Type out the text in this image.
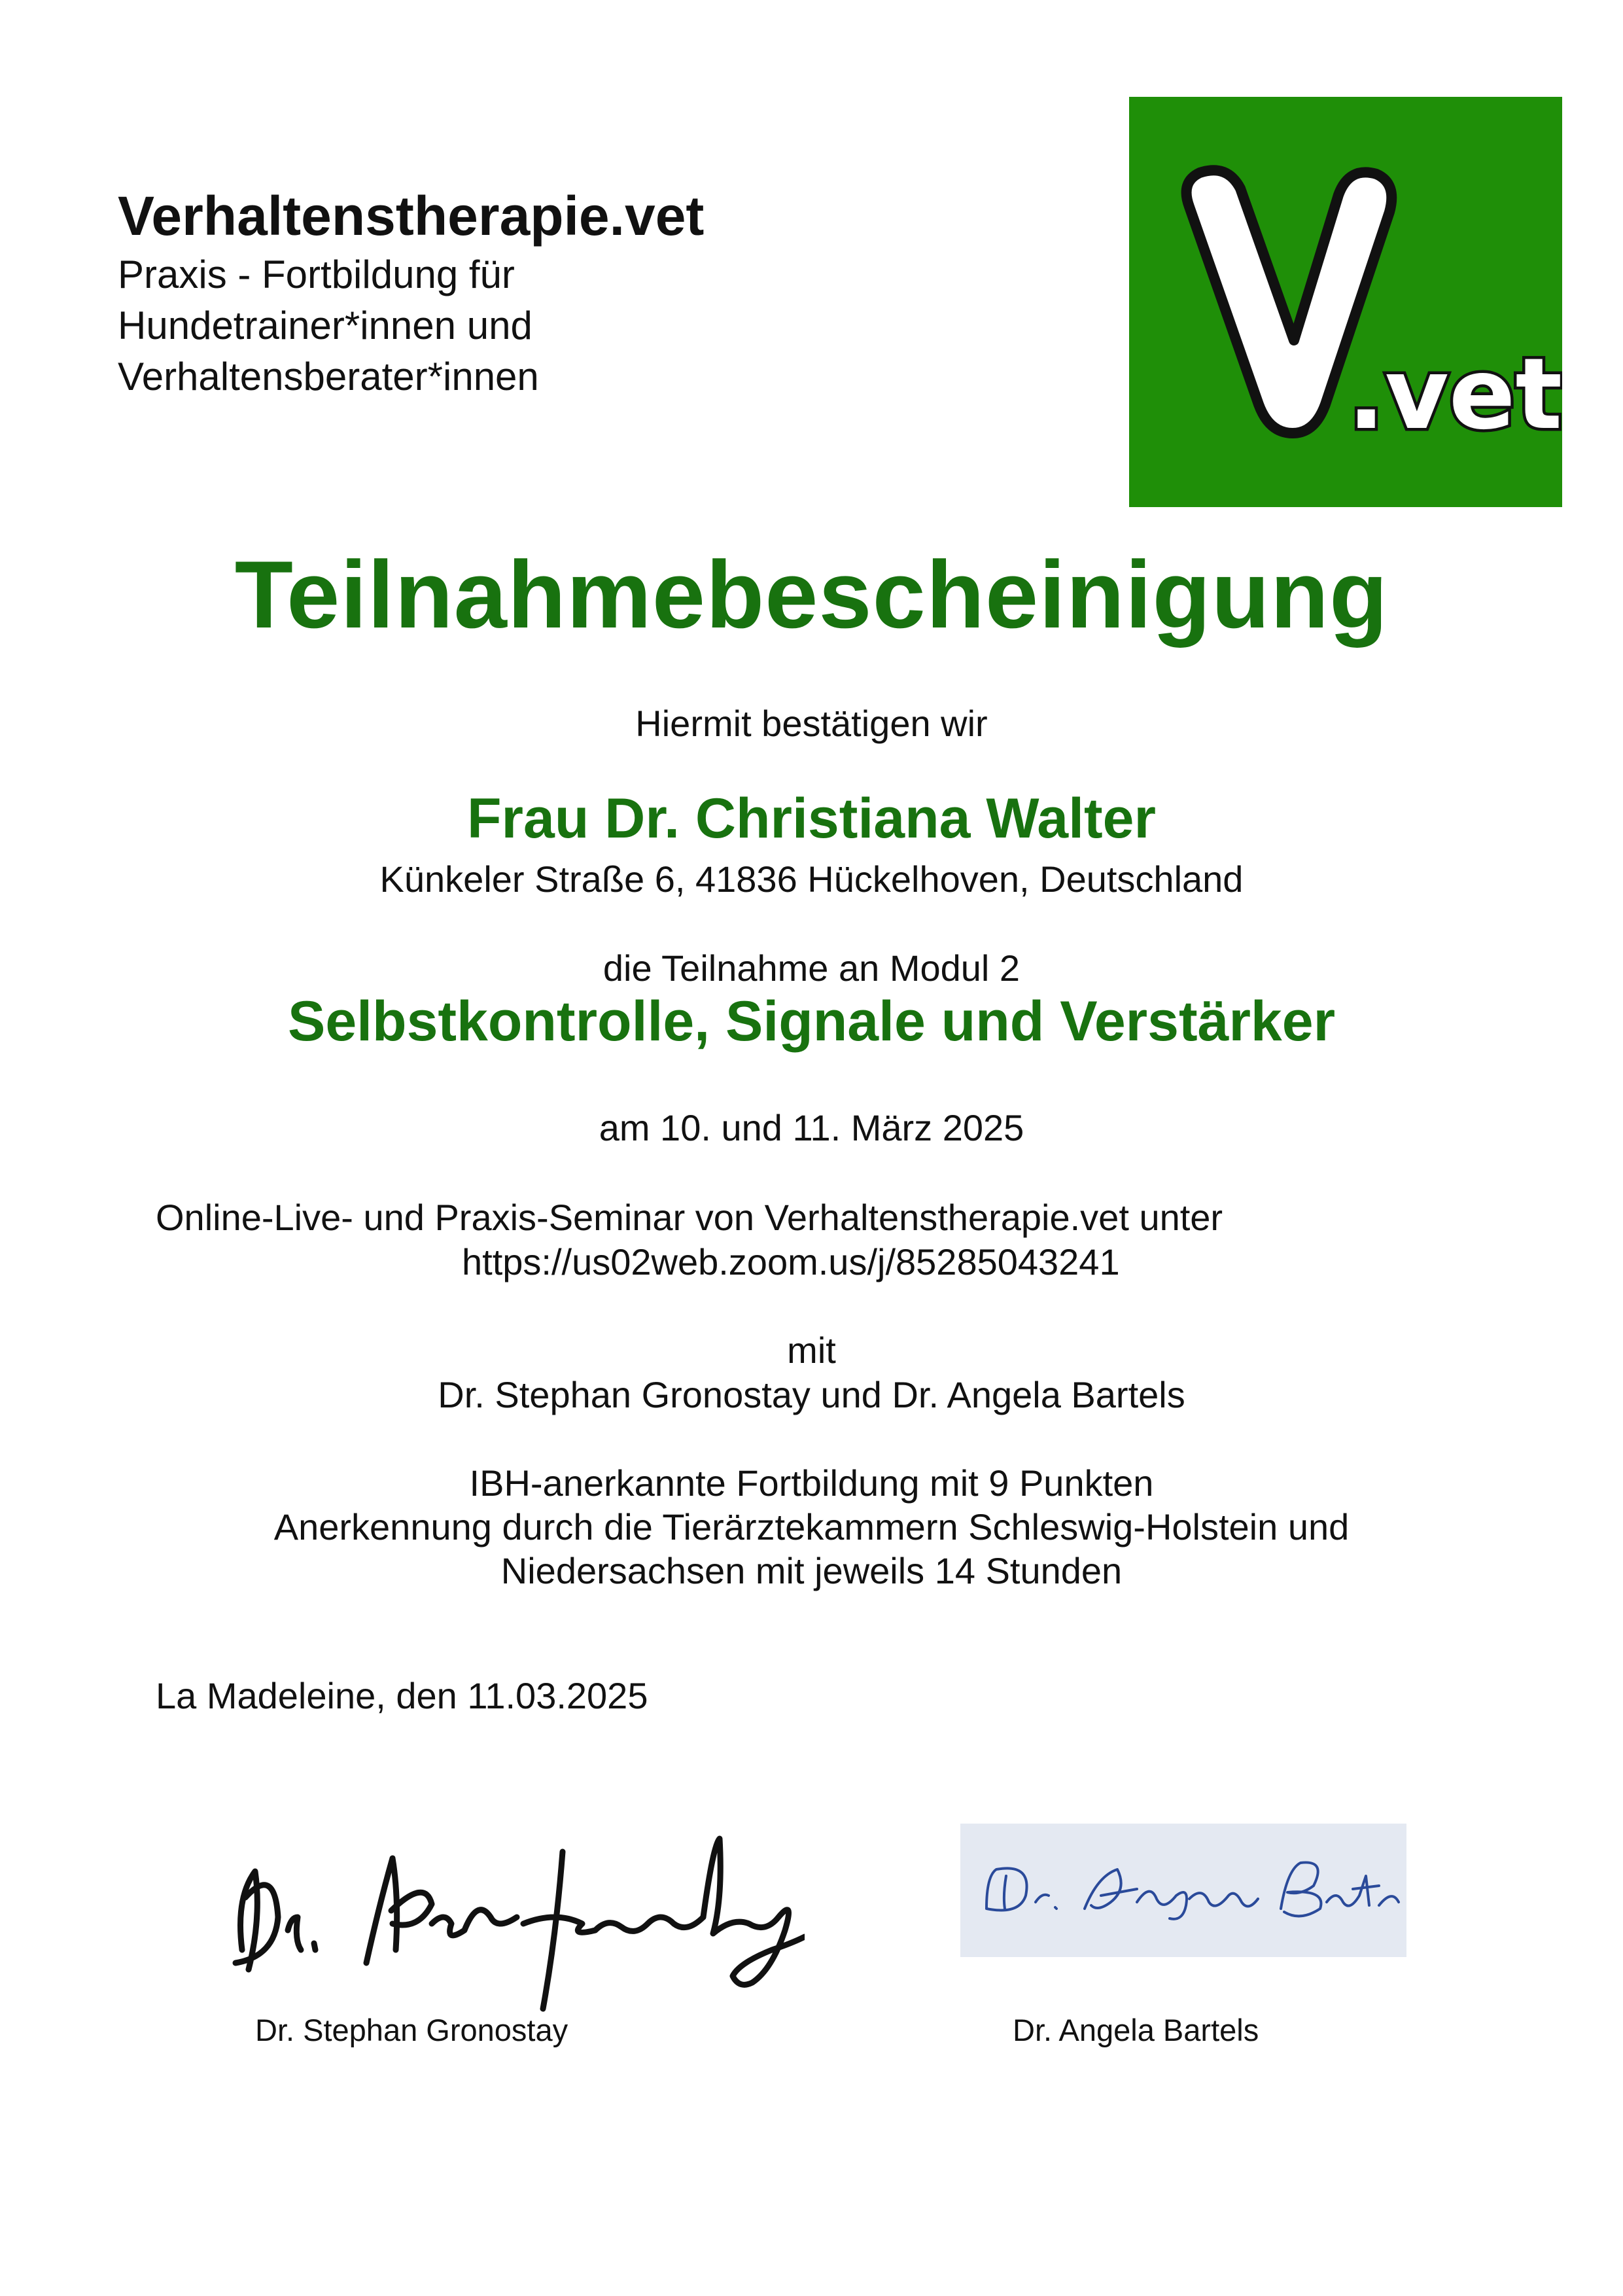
Verhaltenstherapie.vet

Praxis - Fortbildung für

Hundetrainer*innen und

Verhaltensberater*innen	.vet
Teilnahmebescheinigung
Hiermit bestätigen wir
Frau Dr. Christiana Walter
Künkeler Straße 6, 41836 Hückelhoven, Deutschland
die Teilnahme an Modul 2
Selbstkontrolle, Signale und Verstärker
am 10. und 11. März 2025
Online-Live- und Praxis-Seminar von Verhaltenstherapie.vet unter
https://us02web.zoom.us/j/85285043241
mit
Dr. Stephan Gronostay und Dr. Angela Bartels
IBH-anerkannte Fortbildung mit 9 Punkten
Anerkennung durch die Tierärztekammern Schleswig-Holstein und
Niedersachsen mit jeweils 14 Stunden
La Madeleine, den 11.03.2025
Dr. Stephan Gronostay	Dr. Angela Bartels
